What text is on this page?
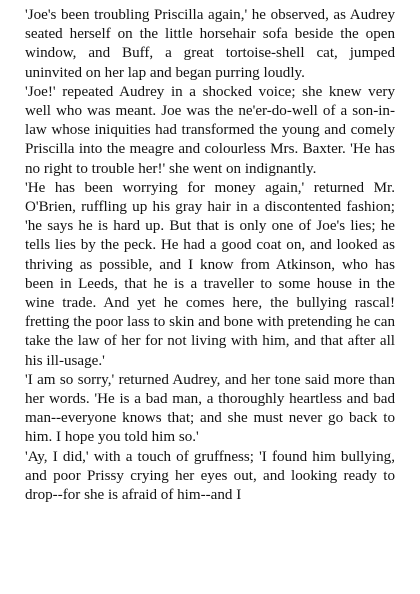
'Joe's been troubling Priscilla again,' he observed, as Audrey seated herself on the little horsehair sofa beside the open window, and Buff, a great tortoise-shell cat, jumped uninvited on her lap and began purring loudly.

'Joe!' repeated Audrey in a shocked voice; she knew very well who was meant. Joe was the ne'er-do-well of a son-in-law whose iniquities had transformed the young and comely Priscilla into the meagre and colourless Mrs. Baxter. 'He has no right to trouble her!' she went on indignantly.

'He has been worrying for money again,' returned Mr. O'Brien, ruffling up his gray hair in a discontented fashion; 'he says he is hard up. But that is only one of Joe's lies; he tells lies by the peck. He had a good coat on, and looked as thriving as possible, and I know from Atkinson, who has been in Leeds, that he is a traveller to some house in the wine trade. And yet he comes here, the bullying rascal! fretting the poor lass to skin and bone with pretending he can take the law of her for not living with him, and that after all his ill-usage.'

'I am so sorry,' returned Audrey, and her tone said more than her words. 'He is a bad man, a thoroughly heartless and bad man--everyone knows that; and she must never go back to him. I hope you told him so.'

'Ay, I did,' with a touch of gruffness; 'I found him bullying, and poor Prissy crying her eyes out, and looking ready to drop--for she is afraid of him--and I
